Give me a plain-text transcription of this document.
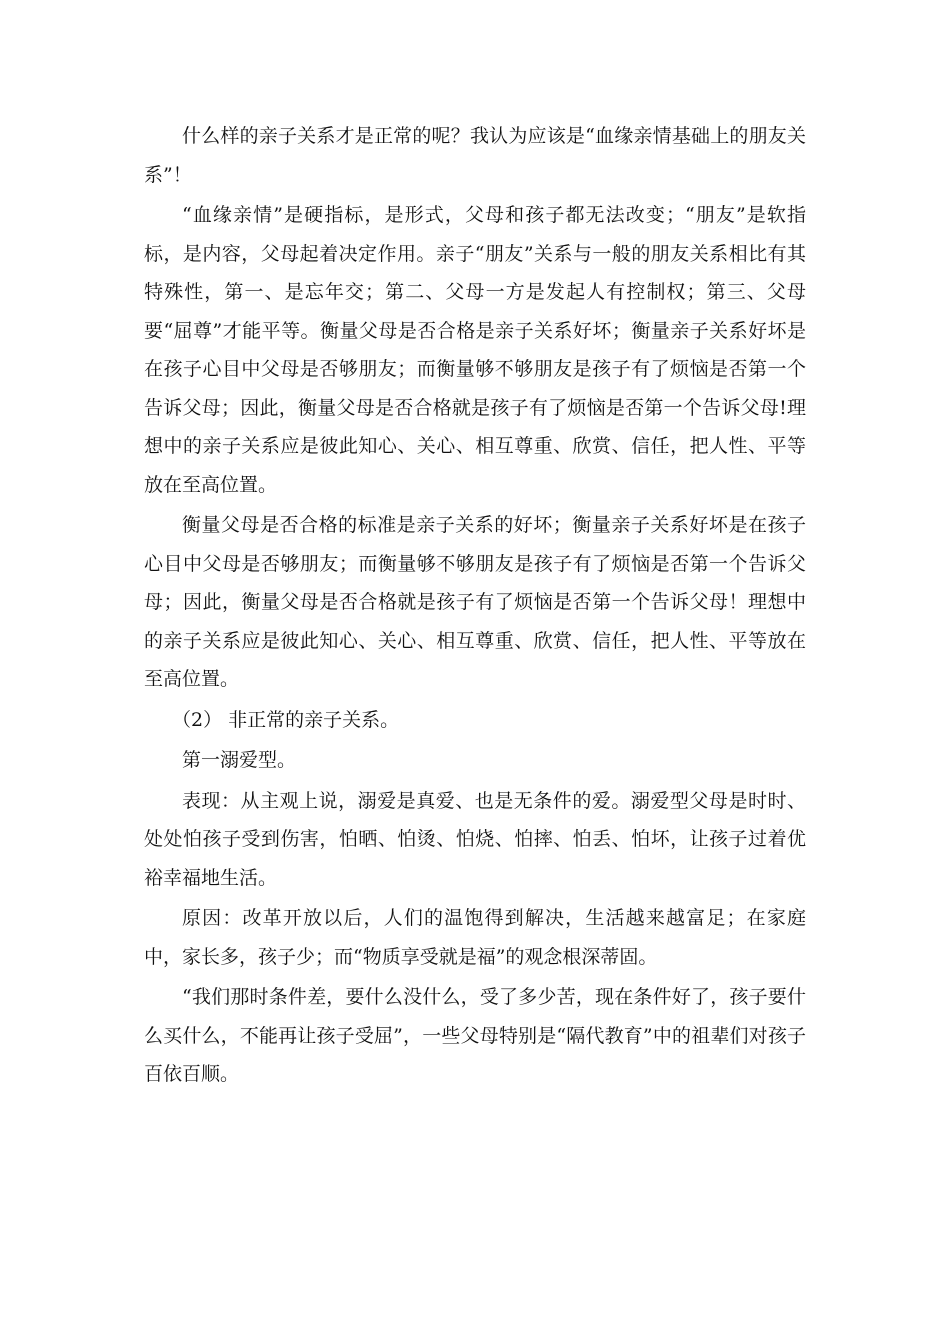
什么样的亲子关系才是正常的呢？我认为应该是“血缘亲情基础上的朋友关系”！

“血缘亲情”是硬指标，是形式，父母和孩子都无法改变；“朋友”是软指标，是内容，父母起着决定作用。亲子“朋友”关系与一般的朋友关系相比有其特殊性，第一、是忘年交；第二、父母一方是发起人有控制权；第三、父母要“屈尊”才能平等。衡量父母是否合格是亲子关系好坏；衡量亲子关系好坏是在孩子心目中父母是否够朋友；而衡量够不够朋友是孩子有了烦恼是否第一个告诉父母；因此，衡量父母是否合格就是孩子有了烦恼是否第一个告诉父母!理想中的亲子关系应是彼此知心、关心、相互尊重、欣赏、信任，把人性、平等放在至高位置。

衡量父母是否合格的标准是亲子关系的好坏；衡量亲子关系好坏是在孩子心目中父母是否够朋友；而衡量够不够朋友是孩子有了烦恼是否第一个告诉父母；因此，衡量父母是否合格就是孩子有了烦恼是否第一个告诉父母！理想中的亲子关系应是彼此知心、关心、相互尊重、欣赏、信任，把人性、平等放在至高位置。

（2） 非正常的亲子关系。

第一溺爱型。

表现：从主观上说，溺爱是真爱、也是无条件的爱。溺爱型父母是时时、处处怕孩子受到伤害，怕晒、怕烫、怕烧、怕摔、怕丢、怕坏，让孩子过着优裕幸福地生活。

原因：改革开放以后，人们的温饱得到解决，生活越来越富足；在家庭中，家长多，孩子少；而“物质享受就是福”的观念根深蒂固。

“我们那时条件差，要什么没什么，受了多少苦，现在条件好了，孩子要什么买什么，不能再让孩子受屈”，一些父母特别是“隔代教育”中的祖辈们对孩子百依百顺。
